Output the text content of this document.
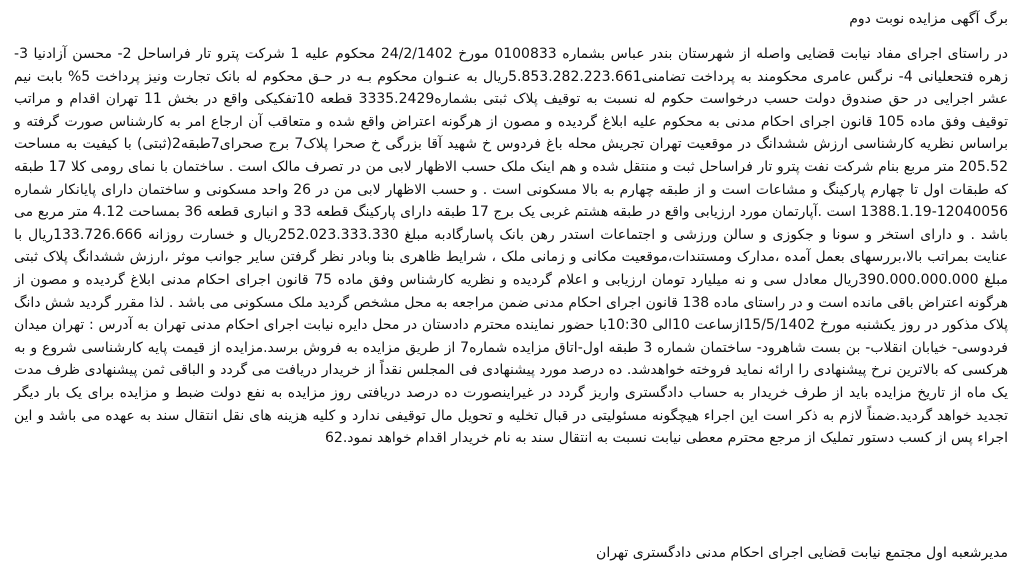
برگ آگهی مزایده نوبت دوم

در راستای اجرای مفاد نیابت قضایی واصله از شهرستان بندر عباس بشماره 0100833 مورخ 24/2/1402 محکوم علیه 1 شرکت پترو تار فراساحل 2- محسن آزادنیا 3- زهره فتحعلیانی 4- نرگس عامری محکومند به پرداخت تضامنی5.853.282.223.661ریال به عنـوان محکوم بـه در حـق محکوم له بانک تجارت ونیز پرداخت 5% بابت نیم عشر اجرایی در حق صندوق دولت حسب درخواست حکوم له نسبت به توقیف پلاک ثبتی بشماره3335.2429 قطعه 10تفکیکی واقع در بخش 11 تهران اقدام و مراتب توقیف وفق ماده 105 قانون اجرای احکام مدنی به محکوم علیه ابلاغ گردیده و مصون از هرگونه اعتراض واقع شده و متعاقب آن ارجاع امر به کارشناس صورت گرفته و براساس نظریه کارشناسی ارزش ششدانگ در موقعیت تهران تجریش محله باغ فردوس خ شهید آقا بزرگی خ صحرا پلاک7 برج صحرای7طبقه2(ثبتی) با کیفیت به مساحت 205.52 متر مربع بنام شرکت نفت پترو تار فراساحل ثبت و منتقل شده و هم اینک ملک حسب الاظهار لابی من در تصرف مالک است . ساختمان با نمای رومی کلا 17 طبقه که طبقات اول تا چهارم پارکینگ و مشاعات است و از طبقه چهارم به بالا مسکونی است . و حسب الاظهار لابی من در 26 واحد مسکونی و ساختمان دارای پایانکار شماره 12040056-1388.1.19 است .آپارتمان مورد ارزیابی واقع در طبقه هشتم غربی یک برج 17 طبقه دارای پارکینگ قطعه 33 و انباری قطعه 36 بمساحت 4.12 متر مربع می باشد . و دارای استخر و سونا و جکوزی و سالن ورزشی و اجتماعات استدر رهن بانک پاسارگادبه مبلغ 252.023.333.330ریال و خسارت روزانه 133.726.666ریال با عنایت بمراتب بالا،بررسهای بعمل آمده ،مدارک ومستندات،موقعیت مکانی و زمانی ملک ، شرایط ظاهری بنا وبادر نظر گرفتن سایر جوانب موثر ،ارزش ششدانگ پلاک ثبتی مبلغ 390.000.000.000ریال معادل سی و نه میلیارد تومان ارزیابی و اعلام گردیده و نظریه کارشناس وفق ماده 75 قانون اجرای احکام مدنی ابلاغ گردیده و مصون از هرگونه اعتراض باقی مانده است و در راستای ماده 138 قانون اجرای احکام مدنی ضمن مراجعه به محل مشخص گردید ملک مسکونی می باشد . لذا مقرر گردید شش دانگ پلاک مذکور در روز یکشنبه مورخ 15/5/1402ازساعت 10الی 10:30با حضور نماینده محترم دادستان در محل دایره نیابت اجرای احکام مدنی تهران به آدرس : تهران میدان فردوسی- خیابان انقلاب- بن بست شاهرود- ساختمان شماره 3 طبقه اول-اتاق مزایده شماره7 از طریق مزایده به فروش برسد.مزایده از قیمت پایه کارشناسی شروع و به هرکسی که بالاترین نرخ پیشنهادی را ارائه نماید فروخته خواهدشد. ده درصد مورد پیشنهادی فی المجلس نقداً از خریدار دریافت می گردد و الباقی ثمن پیشنهادی ظرف مدت یک ماه از تاریخ مزایده باید از طرف خریدار به حساب دادگستری واریز گردد در غیراینصورت ده درصد دریافتی روز مزایده به نفع دولت ضبط و مزایده برای یک بار دیگر تجدید خواهد گردید.ضمناً لازم به ذکر است این اجراء هیچگونه مسئولیتی در قبال تخلیه و تحویل مال توقیفی ندارد و کلیه هزینه های نقل انتقال سند به عهده می باشد و این اجراء پس از کسب دستور تملیک از مرجع محترم معطی نیابت نسبت به انتقال سند به نام خریدار اقدام خواهد نمود.62

مدیرشعبه اول مجتمع نیابت قضایی اجرای احکام مدنی دادگستری تهران
